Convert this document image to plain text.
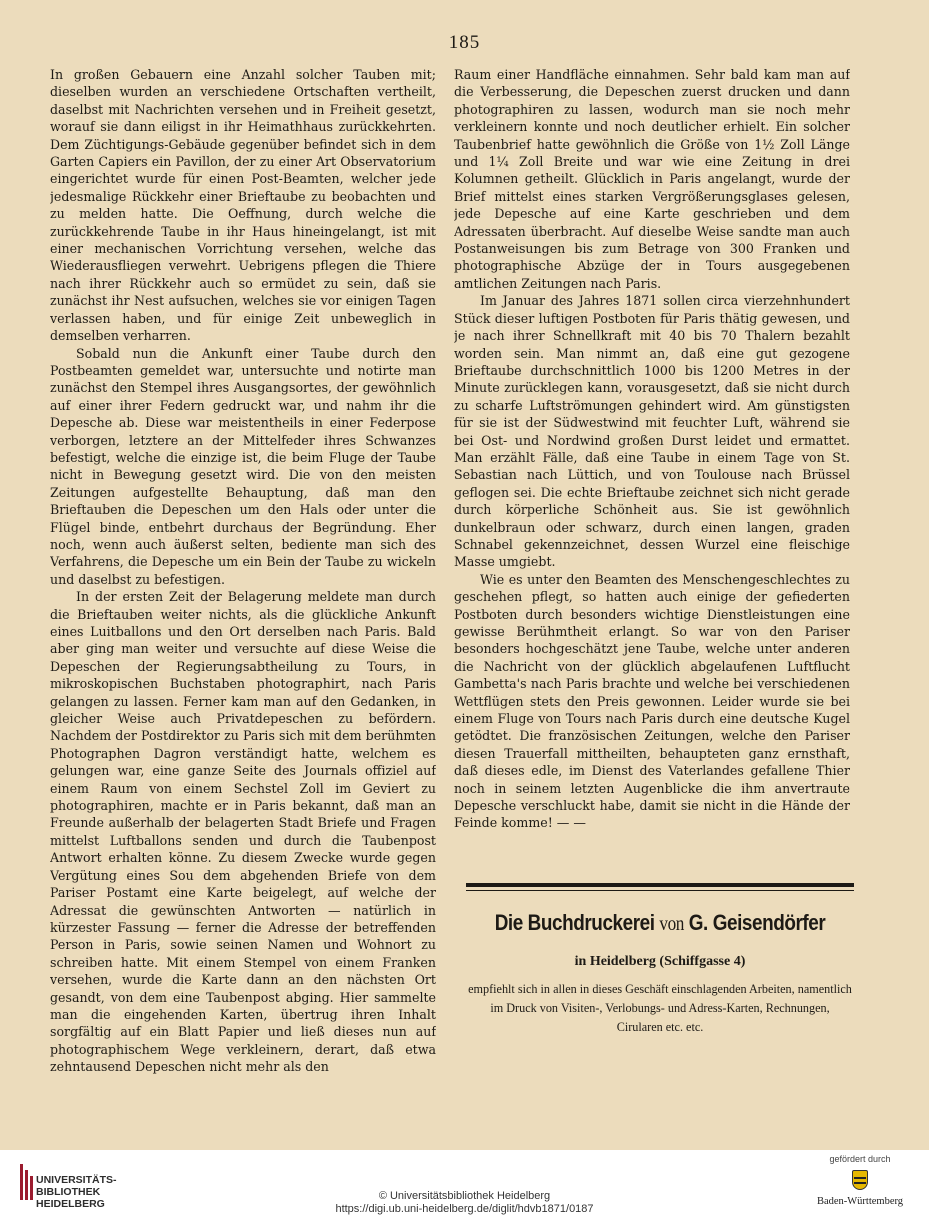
185

In großen Gebauern eine Anzahl solcher Tauben mit; dieselben wurden an verschiedene Ortschaften vertheilt, daselbst mit Nachrichten versehen und in Freiheit gesetzt, worauf sie dann eiligst in ihr Heimathhaus zurückkehrten. Dem Züchtigungs-Gebäude gegenüber befindet sich in dem Garten Capiers ein Pavillon, der zu einer Art Observatorium eingerichtet wurde für einen Post-Beamten, welcher jede jedesmalige Rückkehr einer Brieftaube zu beobachten und zu melden hatte. Die Oeffnung, durch welche die zurückkehrende Taube in ihr Haus hineingelangt, ist mit einer mechanischen Vorrichtung versehen, welche das Wiederausfliegen verwehrt. Uebrigens pflegen die Thiere nach ihrer Rückkehr auch so ermüdet zu sein, daß sie zunächst ihr Nest aufsuchen, welches sie vor einigen Tagen verlassen haben, und für einige Zeit unbeweglich in demselben verharren.

Sobald nun die Ankunft einer Taube durch den Postbeamten gemeldet war, untersuchte und notirte man zunächst den Stempel ihres Ausgangsortes, der gewöhnlich auf einer ihrer Federn gedruckt war, und nahm ihr die Depesche ab. Diese war meistentheils in einer Federpose verborgen, letztere an der Mittelfeder ihres Schwanzes befestigt, welche die einzige ist, die beim Fluge der Taube nicht in Bewegung gesetzt wird. Die von den meisten Zeitungen aufgestellte Behauptung, daß man den Brieftauben die Depeschen um den Hals oder unter die Flügel binde, entbehrt durchaus der Begründung. Eher noch, wenn auch äußerst selten, bediente man sich des Verfahrens, die Depesche um ein Bein der Taube zu wickeln und daselbst zu befestigen.

In der ersten Zeit der Belagerung meldete man durch die Brieftauben weiter nichts, als die glückliche Ankunft eines Luitballons und den Ort derselben nach Paris. Bald aber ging man weiter und versuchte auf diese Weise die Depeschen der Regierungsabtheilung zu Tours, in mikroskopischen Buchstaben photographirt, nach Paris gelangen zu lassen. Ferner kam man auf den Gedanken, in gleicher Weise auch Privatdepeschen zu befördern. Nachdem der Postdirektor zu Paris sich mit dem berühmten Photographen Dagron verständigt hatte, welchem es gelungen war, eine ganze Seite des Journals offiziel auf einem Raum von einem Sechstel Zoll im Geviert zu photographiren, machte er in Paris bekannt, daß man an Freunde außerhalb der belagerten Stadt Briefe und Fragen mittelst Luftballons senden und durch die Taubenpost Antwort erhalten könne. Zu diesem Zwecke wurde gegen Vergütung eines Sou dem abgehenden Briefe von dem Pariser Postamt eine Karte beigelegt, auf welche der Adressat die gewünschten Antworten — natürlich in kürzester Fassung — ferner die Adresse der betreffenden Person in Paris, sowie seinen Namen und Wohnort zu schreiben hatte. Mit einem Stempel von einem Franken versehen, wurde die Karte dann an den nächsten Ort gesandt, von dem eine Taubenpost abging. Hier sammelte man die eingehenden Karten, übertrug ihren Inhalt sorgfältig auf ein Blatt Papier und ließ dieses nun auf photographischem Wege verkleinern, derart, daß etwa zehntausend Depeschen nicht mehr als den

Raum einer Handfläche einnahmen. Sehr bald kam man auf die Verbesserung, die Depeschen zuerst drucken und dann photographiren zu lassen, wodurch man sie noch mehr verkleinern konnte und noch deutlicher erhielt. Ein solcher Taubenbrief hatte gewöhnlich die Größe von 1½ Zoll Länge und 1¼ Zoll Breite und war wie eine Zeitung in drei Kolumnen getheilt. Glücklich in Paris angelangt, wurde der Brief mittelst eines starken Vergrößerungsglases gelesen, jede Depesche auf eine Karte geschrieben und dem Adressaten überbracht. Auf dieselbe Weise sandte man auch Postanweisungen bis zum Betrage von 300 Franken und photographische Abzüge der in Tours ausgegebenen amtlichen Zeitungen nach Paris.

Im Januar des Jahres 1871 sollen circa vierzehnhundert Stück dieser luftigen Postboten für Paris thätig gewesen, und je nach ihrer Schnellkraft mit 40 bis 70 Thalern bezahlt worden sein. Man nimmt an, daß eine gut gezogene Brieftaube durchschnittlich 1000 bis 1200 Metres in der Minute zurücklegen kann, vorausgesetzt, daß sie nicht durch zu scharfe Luftströmungen gehindert wird. Am günstigsten für sie ist der Südwestwind mit feuchter Luft, während sie bei Ost- und Nordwind großen Durst leidet und ermattet. Man erzählt Fälle, daß eine Taube in einem Tage von St. Sebastian nach Lüttich, und von Toulouse nach Brüssel geflogen sei. Die echte Brieftaube zeichnet sich nicht gerade durch körperliche Schönheit aus. Sie ist gewöhnlich dunkelbraun oder schwarz, durch einen langen, graden Schnabel gekennzeichnet, dessen Wurzel eine fleischige Masse umgiebt.

Wie es unter den Beamten des Menschengeschlechtes zu geschehen pflegt, so hatten auch einige der gefiederten Postboten durch besonders wichtige Dienstleistungen eine gewisse Berühmtheit erlangt. So war von den Pariser besonders hochgeschätzt jene Taube, welche unter anderen die Nachricht von der glücklich abgelaufenen Luftflucht Gambetta's nach Paris brachte und welche bei verschiedenen Wettflügen stets den Preis gewonnen. Leider wurde sie bei einem Fluge von Tours nach Paris durch eine deutsche Kugel getödtet. Die französischen Zeitungen, welche den Pariser diesen Trauerfall mittheilten, behaupteten ganz ernsthaft, daß dieses edle, im Dienst des Vaterlandes gefallene Thier noch in seinem letzten Augenblicke die ihm anvertraute Depesche verschluckt habe, damit sie nicht in die Hände der Feinde komme! — —

Die Buchdruckerei von G. Geisendörfer
in Heidelberg (Schiffgasse 4)
empfiehlt sich in allen in dieses Geschäft einschlagenden Arbeiten, namentlich im Druck von Visiten-, Verlobungs- und Adress-Karten, Rechnungen, Cirularen etc. etc.
UNIVERSITÄTS-
BIBLIOTHEK
HEIDELBERG
© Universitätsbibliothek Heidelberg
https://digi.ub.uni-heidelberg.de/diglit/hdvb1871/0187
gefördert durch
Baden-Württemberg
